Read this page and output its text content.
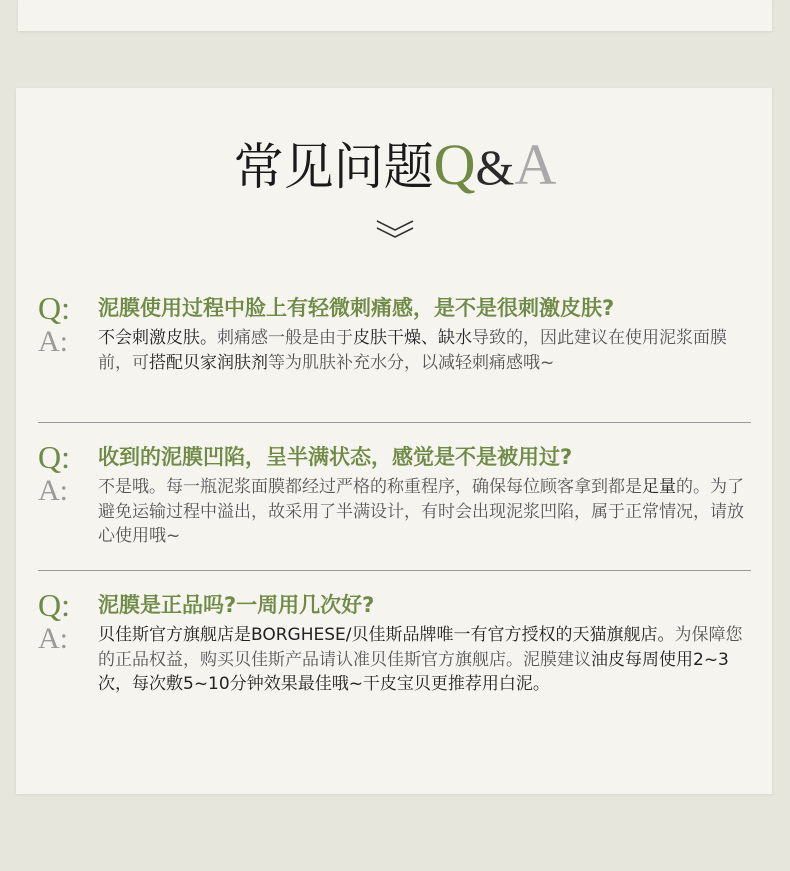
常见问题Q&A
Q: 泥膜使用过程中脸上有轻微刺痛感，是不是很刺激皮肤?
A: 不会刺激皮肤。刺痛感一般是由于皮肤干燥、缺水导致的，因此建议在使用泥浆面膜前，可搭配贝家润肤剂等为肌肤补充水分，以减轻刺痛感哦~
Q: 收到的泥膜凹陷，呈半满状态，感觉是不是被用过?
A: 不是哦。每一瓶泥浆面膜都经过严格的称重程序，确保每位顾客拿到都是足量的。为了避免运输过程中溢出，故采用了半满设计，有时会出现泥浆凹陷，属于正常情况，请放心使用哦~
Q: 泥膜是正品吗?一周用几次好?
A: 贝佳斯官方旗舰店是BORGHESE/贝佳斯品牌唯一有官方授权的天猫旗舰店。为保障您的正品权益，购买贝佳斯产品请认准贝佳斯官方旗舰店。泥膜建议油皮每周使用2~3次，每次敷5~10分钟效果最佳哦~干皮宝贝更推荐用白泥。
